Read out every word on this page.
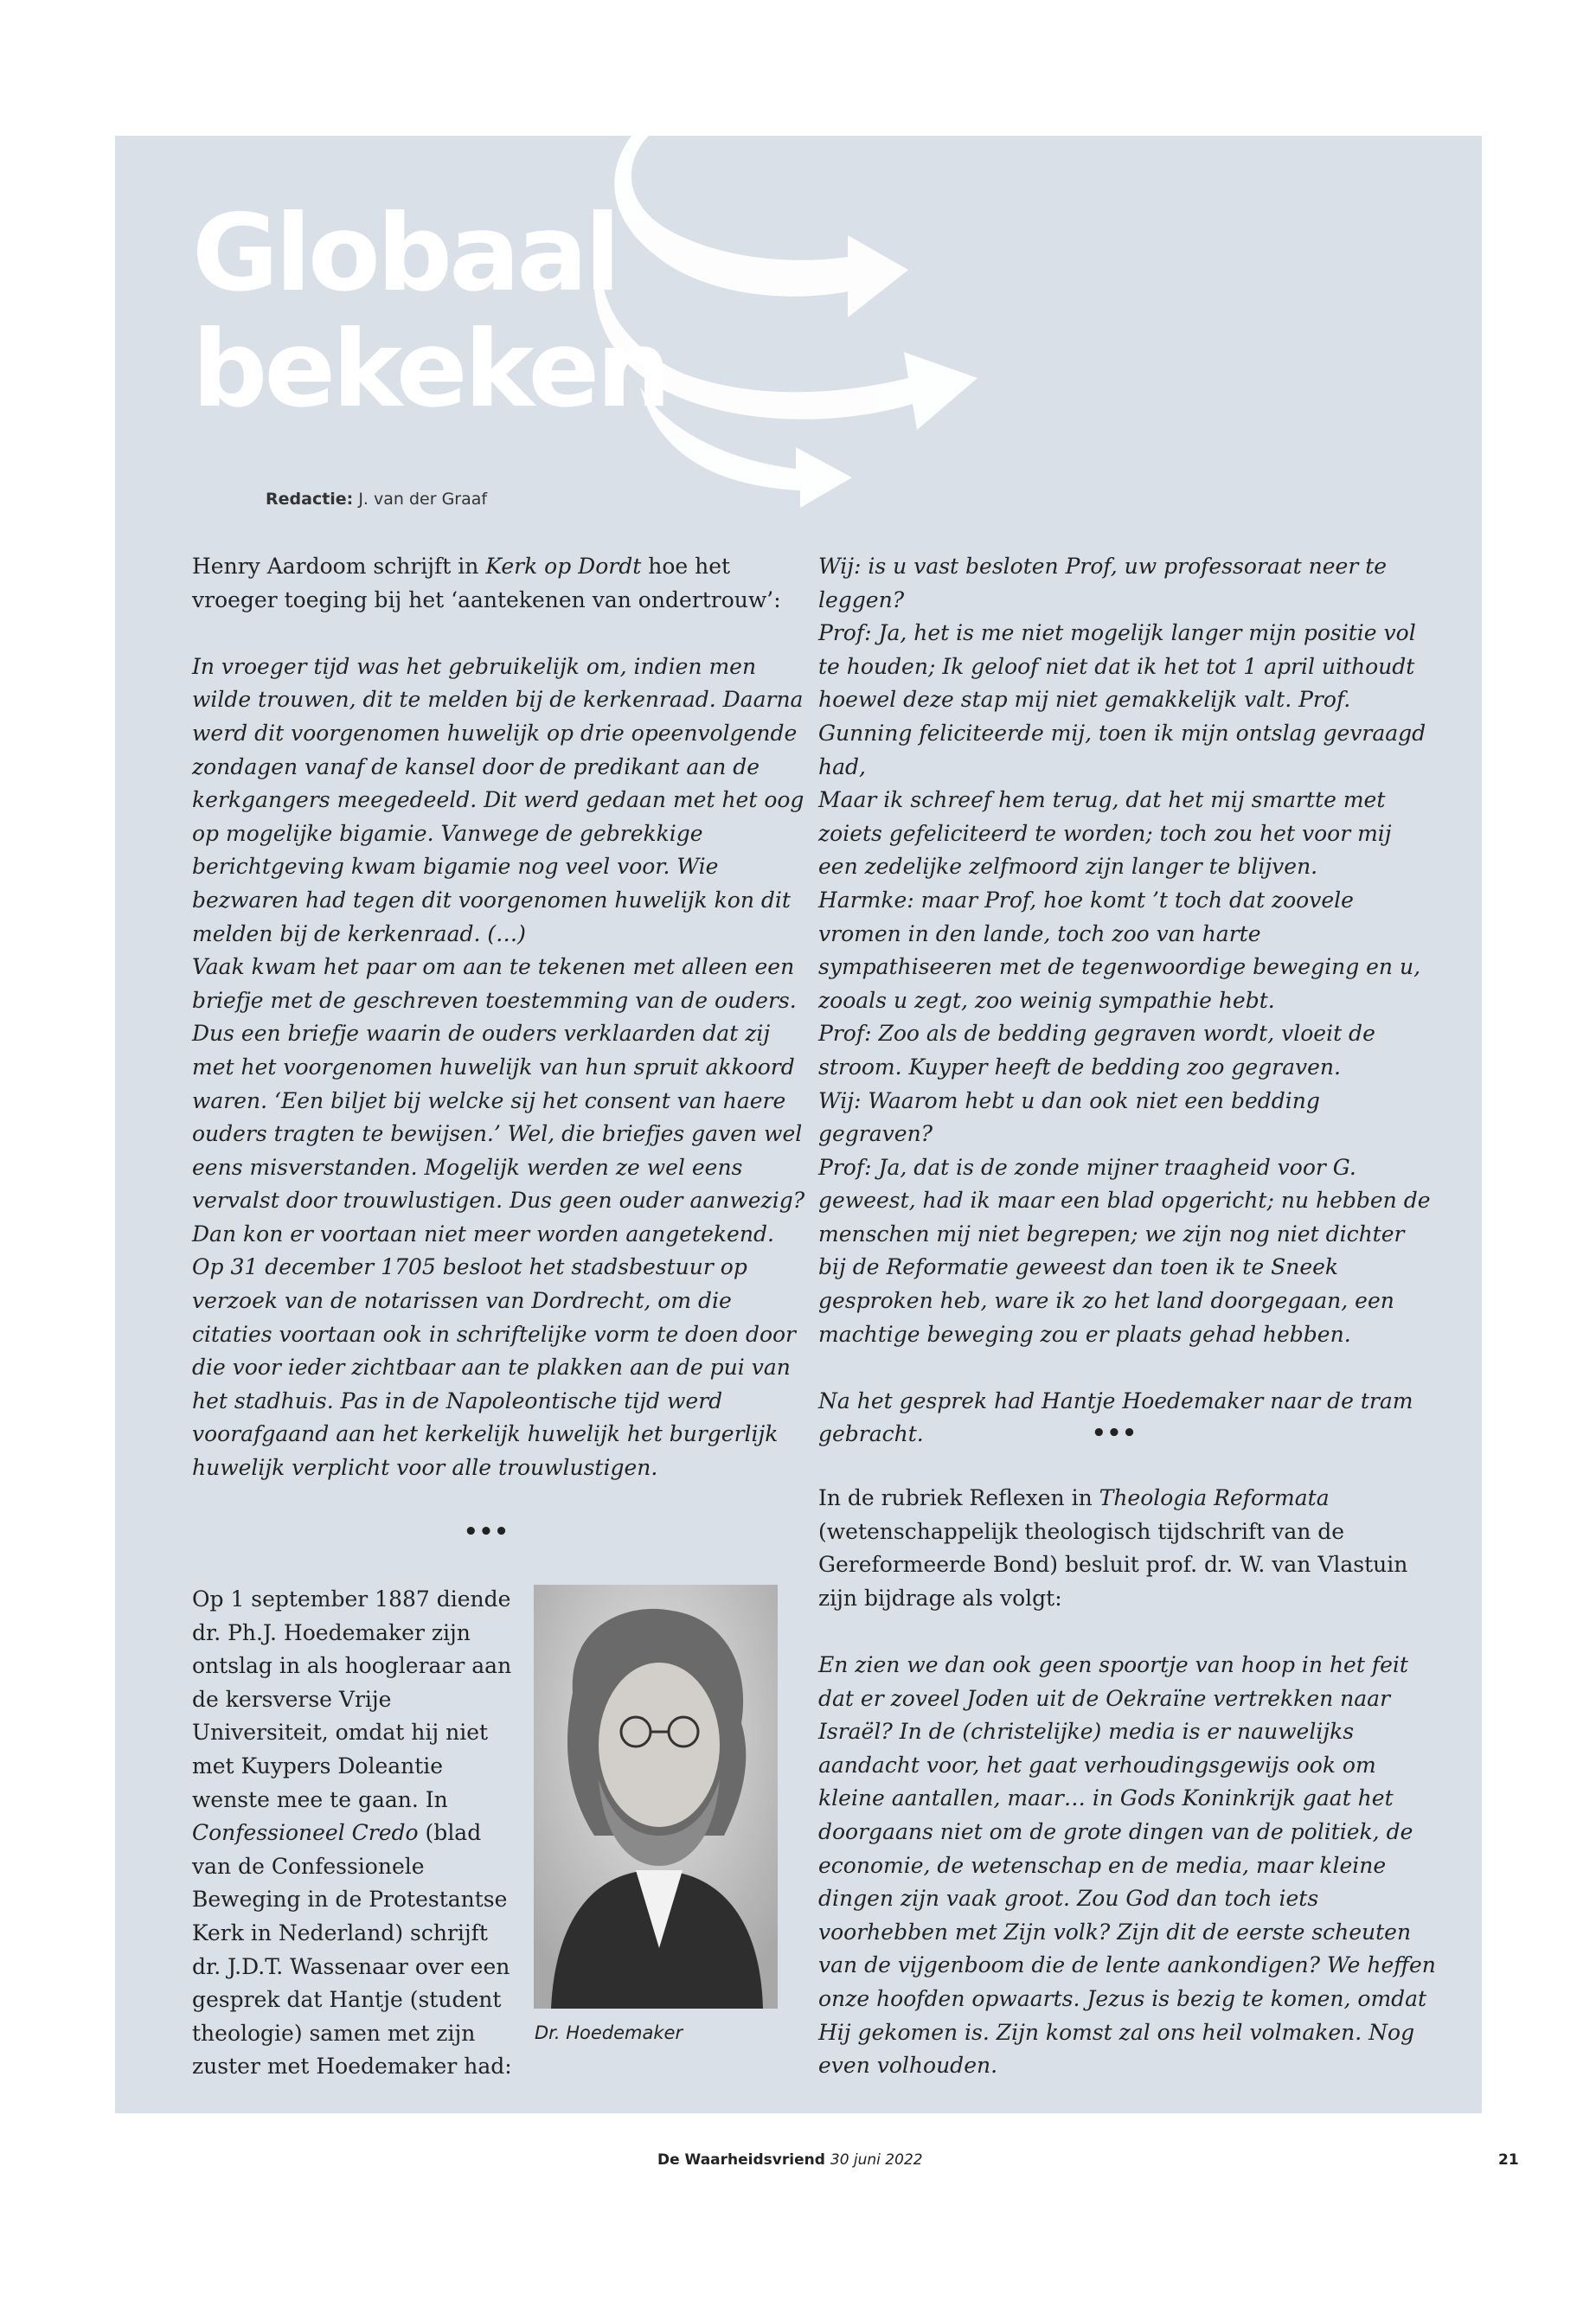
Globaal
bekeken
Redactie: J. van der Graaf

Henry Aardoom schrijft in Kerk op Dordt hoe het vroeger toeging bij het ‘aantekenen van ondertrouw’:

In vroeger tijd was het gebruikelijk om, indien men wilde trouwen, dit te melden bij de kerkenraad. Daarna werd dit voorgenomen huwelijk op drie opeenvolgende zondagen vanaf de kansel door de predikant aan de kerkgangers meegedeeld. Dit werd gedaan met het oog op mogelijke bigamie. Vanwege de gebrekkige berichtgeving kwam bigamie nog veel voor. Wie bezwaren had tegen dit voorgenomen huwelijk kon dit melden bij de kerkenraad. (…)

Vaak kwam het paar om aan te tekenen met alleen een briefje met de geschreven toestemming van de ouders. Dus een briefje waarin de ouders verklaarden dat zij met het voorgenomen huwelijk van hun spruit akkoord waren. ‘Een biljet bij welcke sij het consent van haere ouders tragten te bewijsen.’ Wel, die briefjes gaven wel eens misverstanden. Mogelijk werden ze wel eens vervalst door trouwlustigen. Dus geen ouder aanwezig? Dan kon er voortaan niet meer worden aangetekend.

Op 31 december 1705 besloot het stadsbestuur op verzoek van de notarissen van Dordrecht, om die citaties voortaan ook in schriftelijke vorm te doen door die voor ieder zichtbaar aan te plakken aan de pui van het stadhuis. Pas in de Napoleontische tijd werd voorafgaand aan het kerkelijk huwelijk het burgerlijk huwelijk verplicht voor alle trouwlustigen.

•••

Op 1 september 1887 diende dr. Ph.J. Hoedemaker zijn ontslag in als hoogleraar aan de kersverse Vrije Universiteit, omdat hij niet met Kuypers Doleantie wenste mee te gaan. In Confessioneel Credo (blad van de Confessionele Beweging in de Protestantse Kerk in Nederland) schrijft dr. J.D.T. Wassenaar over een gesprek dat Hantje (student theologie) samen met zijn zuster met Hoedemaker had:

Dr. Hoedemaker

Wij: is u vast besloten Prof, uw professoraat neer te leggen?

Prof: Ja, het is me niet mogelijk langer mijn positie vol te houden; Ik geloof niet dat ik het tot 1 april uithoudt hoewel deze stap mij niet gemakkelijk valt. Prof. Gunning feliciteerde mij, toen ik mijn ontslag gevraagd had,

Maar ik schreef hem terug, dat het mij smartte met zoiets gefeliciteerd te worden; toch zou het voor mij een zedelijke zelfmoord zijn langer te blijven.

Harmke: maar Prof, hoe komt ’t toch dat zoovele vromen in den lande, toch zoo van harte sympathiseeren met de tegenwoordige beweging en u, zooals u zegt, zoo weinig sympathie hebt.

Prof: Zoo als de bedding gegraven wordt, vloeit de stroom. Kuyper heeft de bedding zoo gegraven.

Wij: Waarom hebt u dan ook niet een bedding gegraven?

Prof: Ja, dat is de zonde mijner traagheid voor G. geweest, had ik maar een blad opgericht; nu hebben de menschen mij niet begrepen; we zijn nog niet dichter bij de Reformatie geweest dan toen ik te Sneek gesproken heb, ware ik zo het land doorgegaan, een machtige beweging zou er plaats gehad hebben.

Na het gesprek had Hantje Hoedemaker naar de tram gebracht.	•••

In de rubriek Reflexen in Theologia Reformata (wetenschappelijk theologisch tijdschrift van de Gereformeerde Bond) besluit prof. dr. W. van Vlastuin zijn bijdrage als volgt:

En zien we dan ook geen spoortje van hoop in het feit dat er zoveel Joden uit de Oekraïne vertrekken naar Israël? In de (christelijke) media is er nauwelijks aandacht voor, het gaat verhoudingsgewijs ook om kleine aantallen, maar… in Gods Koninkrijk gaat het doorgaans niet om de grote dingen van de politiek, de economie, de wetenschap en de media, maar kleine dingen zijn vaak groot. Zou God dan toch iets voorhebben met Zijn volk? Zijn dit de eerste scheuten van de vijgenboom die de lente aankondigen? We heffen onze hoofden opwaarts. Jezus is bezig te komen, omdat Hij gekomen is. Zijn komst zal ons heil volmaken. Nog even volhouden.

De Waarheidsvriend 30 juni 2022	21
